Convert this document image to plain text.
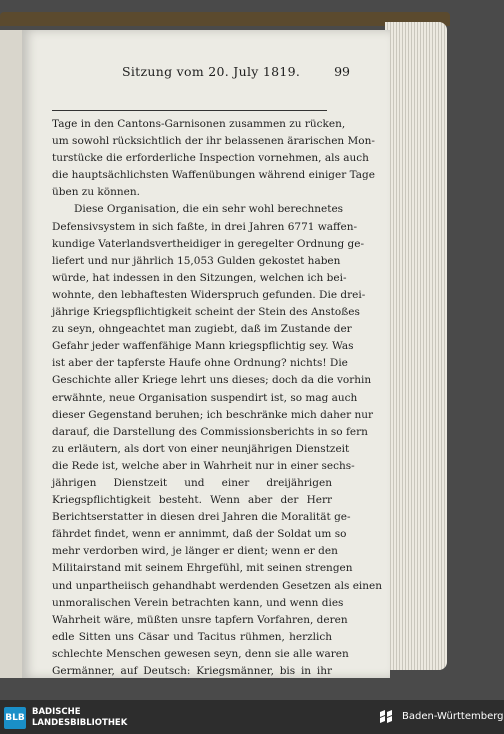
Sitzung vom 20. July 1819.	99
Tage in den Cantons-Garnisonen zusammen zu rücken,
um sowohl rücksichtlich der ihr belassenen ärarischen Mon-
turstücke die erforderliche Inspection vornehmen, als auch
die hauptsächlichsten Waffenübungen während einiger Tage
üben zu können.
Diese Organisation, die ein sehr wohl berechnetes
Defensivsystem in sich faßte, in drei Jahren 6771 waffen-
kundige Vaterlandsvertheidiger in geregelter Ordnung ge-
liefert und nur jährlich 15,053 Gulden gekostet haben
würde, hat indessen in den Sitzungen, welchen ich bei-
wohnte, den lebhaftesten Widerspruch gefunden. Die drei-
jährige Kriegspflichtigkeit scheint der Stein des Anstoßes
zu seyn, ohngeachtet man zugiebt, daß im Zustande der
Gefahr jeder waffenfähige Mann kriegspflichtig sey. Was
ist aber der tapferste Haufe ohne Ordnung? nichts! Die
Geschichte aller Kriege lehrt uns dieses; doch da die vorhin
erwähnte, neue Organisation suspendirt ist, so mag auch
dieser Gegenstand beruhen; ich beschränke mich daher nur
darauf, die Darstellung des Commissionsberichts in so fern
zu erläutern, als dort von einer neunjährigen Dienstzeit
die Rede ist, welche aber in Wahrheit nur in einer sechs-
jährigen Dienstzeit und einer dreijährigen
Kriegspflichtigkeit besteht. Wenn aber der Herr
Berichtserstatter in diesen drei Jahren die Moralität ge-
fährdet findet, wenn er annimmt, daß der Soldat um so
mehr verdorben wird, je länger er dient; wenn er den
Militairstand mit seinem Ehrgefühl, mit seinen strengen
und unpartheiisch gehandhabt werdenden Gesetzen als einen
unmoralischen Verein betrachten kann, und wenn dies
Wahrheit wäre, müßten unsre tapfern Vorfahren, deren
edle Sitten uns Cäsar und Tacitus rühmen, herzlich
schlechte Menschen gewesen seyn, denn sie alle waren
Germänner, auf Deutsch: Kriegsmänner, bis in ihr
BLB
BADISCHE
LANDESBIBLIOTHEK
Baden-Württemberg
